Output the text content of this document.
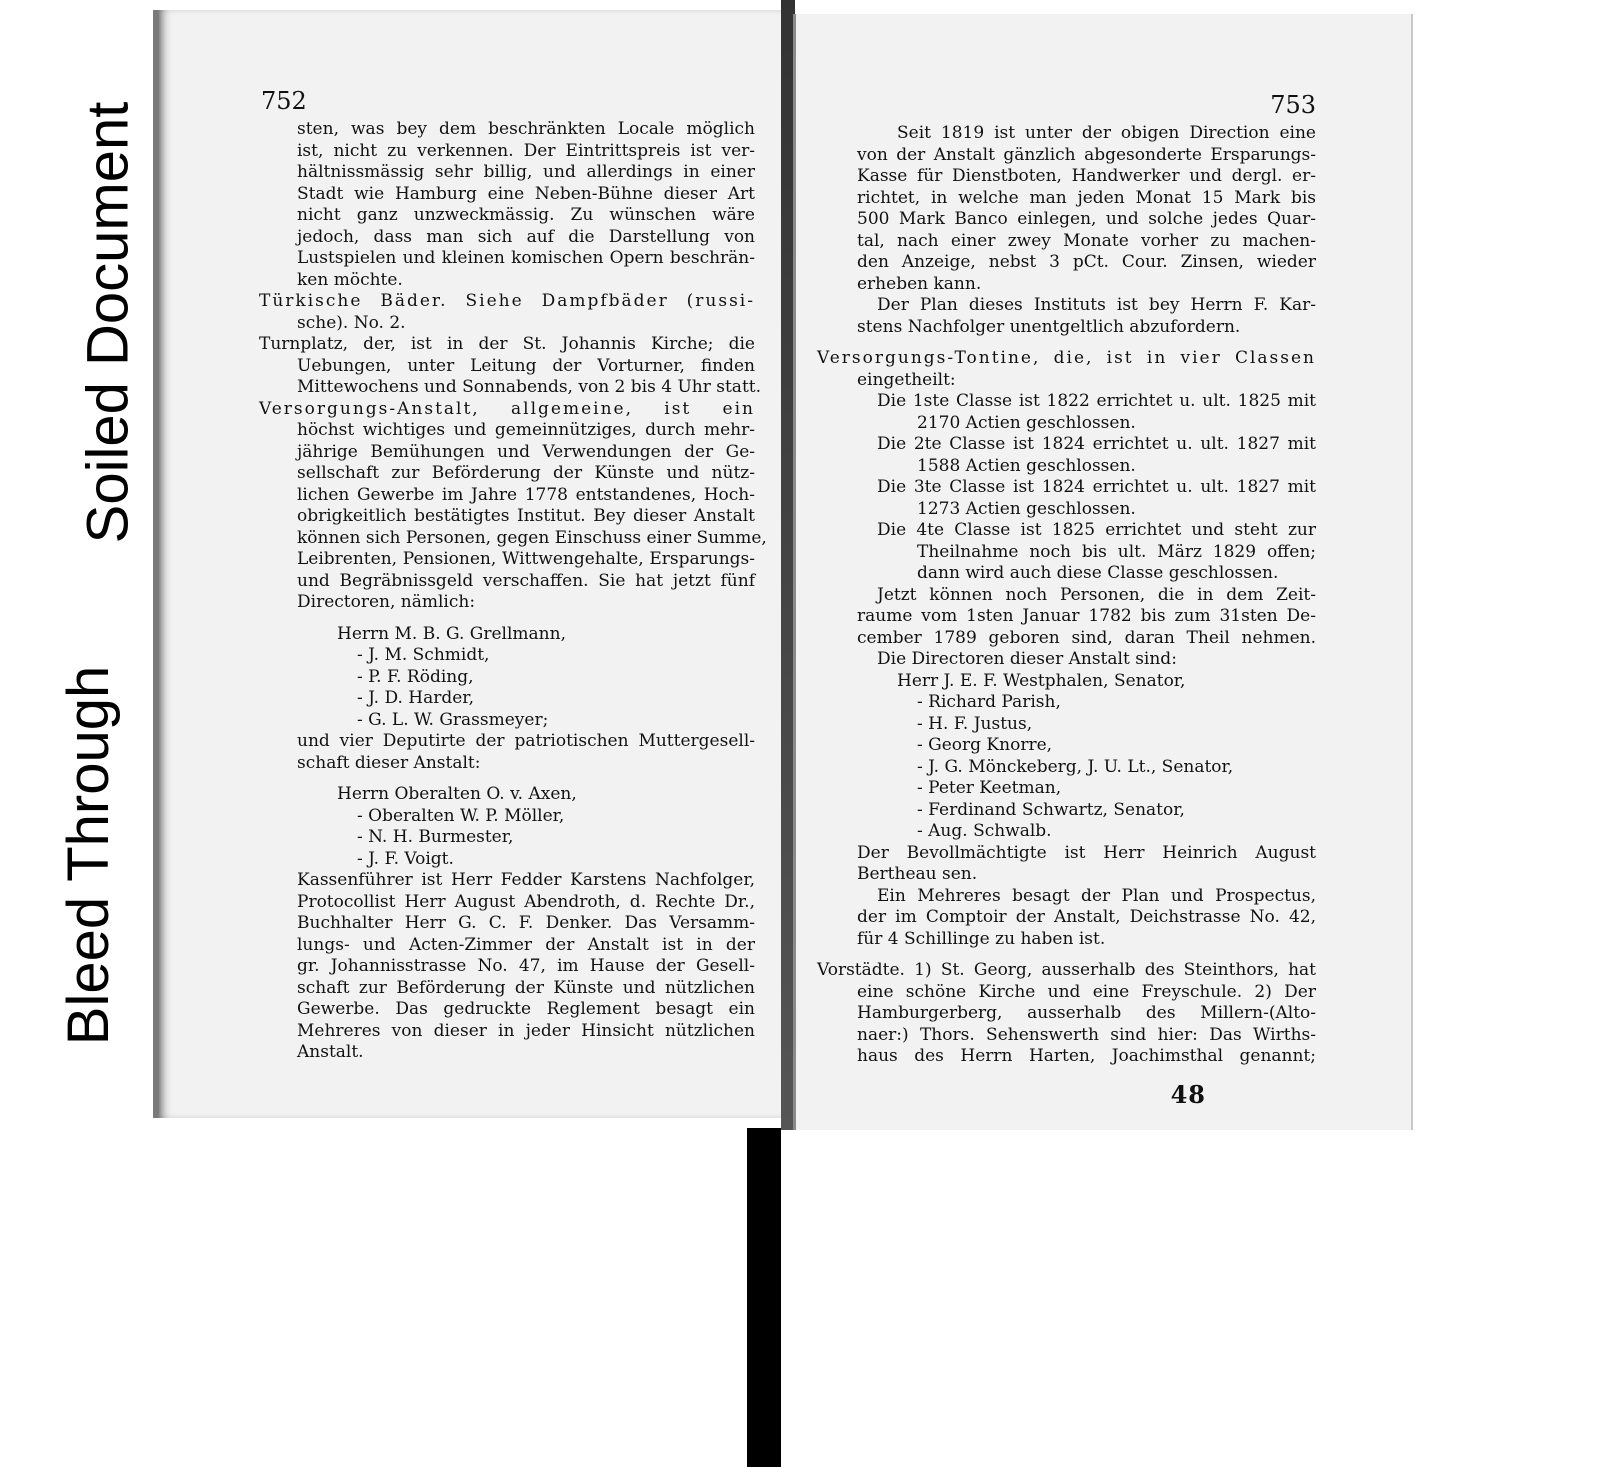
Soiled Document
Bleed Through
752
sten, was bey dem beschränkten Locale möglich
ist, nicht zu verkennen. Der Eintrittspreis ist ver-
hältnissmässig sehr billig, und allerdings in einer
Stadt wie Hamburg eine Neben-Bühne dieser Art
nicht ganz unzweckmässig. Zu wünschen wäre
jedoch, dass man sich auf die Darstellung von
Lustspielen und kleinen komischen Opern beschrän-
ken möchte.
Türkische Bäder. Siehe Dampfbäder (russi-
sche). No. 2.
Turnplatz, der, ist in der St. Johannis Kirche; die
Uebungen, unter Leitung der Vorturner, finden
Mittewochens und Sonnabends, von 2 bis 4 Uhr statt.
Versorgungs-Anstalt, allgemeine, ist ein
höchst wichtiges und gemeinnütziges, durch mehr-
jährige Bemühungen und Verwendungen der Ge-
sellschaft zur Beförderung der Künste und nütz-
lichen Gewerbe im Jahre 1778 entstandenes, Hoch-
obrigkeitlich bestätigtes Institut. Bey dieser Anstalt
können sich Personen, gegen Einschuss einer Summe,
Leibrenten, Pensionen, Wittwengehalte, Ersparungs-
und Begräbnissgeld verschaffen. Sie hat jetzt fünf
Directoren, nämlich:
Herrn M. B. G. Grellmann,
- J. M. Schmidt,
- P. F. Röding,
- J. D. Harder,
- G. L. W. Grassmeyer;
und vier Deputirte der patriotischen Muttergesell-
schaft dieser Anstalt:
Herrn Oberalten O. v. Axen,
- Oberalten W. P. Möller,
- N. H. Burmester,
- J. F. Voigt.
Kassenführer ist Herr Fedder Karstens Nachfolger,
Protocollist Herr August Abendroth, d. Rechte Dr.,
Buchhalter Herr G. C. F. Denker. Das Versamm-
lungs- und Acten-Zimmer der Anstalt ist in der
gr. Johannisstrasse No. 47, im Hause der Gesell-
schaft zur Beförderung der Künste und nützlichen
Gewerbe. Das gedruckte Reglement besagt ein
Mehreres von dieser in jeder Hinsicht nützlichen
Anstalt.
753
Seit 1819 ist unter der obigen Direction eine
von der Anstalt gänzlich abgesonderte Ersparungs-
Kasse für Dienstboten, Handwerker und dergl. er-
richtet, in welche man jeden Monat 15 Mark bis
500 Mark Banco einlegen, und solche jedes Quar-
tal, nach einer zwey Monate vorher zu machen-
den Anzeige, nebst 3 pCt. Cour. Zinsen, wieder
erheben kann.
Der Plan dieses Instituts ist bey Herrn F. Kar-
stens Nachfolger unentgeltlich abzufordern.
Versorgungs-Tontine, die, ist in vier Classen
eingetheilt:
Die 1ste Classe ist 1822 errichtet u. ult. 1825 mit
2170 Actien geschlossen.
Die 2te Classe ist 1824 errichtet u. ult. 1827 mit
1588 Actien geschlossen.
Die 3te Classe ist 1824 errichtet u. ult. 1827 mit
1273 Actien geschlossen.
Die 4te Classe ist 1825 errichtet und steht zur
Theilnahme noch bis ult. März 1829 offen;
dann wird auch diese Classe geschlossen.
Jetzt können noch Personen, die in dem Zeit-
raume vom 1sten Januar 1782 bis zum 31sten De-
cember 1789 geboren sind, daran Theil nehmen.
Die Directoren dieser Anstalt sind:
Herr J. E. F. Westphalen, Senator,
- Richard Parish,
- H. F. Justus,
- Georg Knorre,
- J. G. Mönckeberg, J. U. Lt., Senator,
- Peter Keetman,
- Ferdinand Schwartz, Senator,
- Aug. Schwalb.
Der Bevollmächtigte ist Herr Heinrich August
Bertheau sen.
Ein Mehreres besagt der Plan und Prospectus,
der im Comptoir der Anstalt, Deichstrasse No. 42,
für 4 Schillinge zu haben ist.
Vorstädte. 1) St. Georg, ausserhalb des Steinthors, hat
eine schöne Kirche und eine Freyschule. 2) Der
Hamburgerberg, ausserhalb des Millern-(Alto-
naer:) Thors. Sehenswerth sind hier: Das Wirths-
haus des Herrn Harten, Joachimsthal genannt;
48
